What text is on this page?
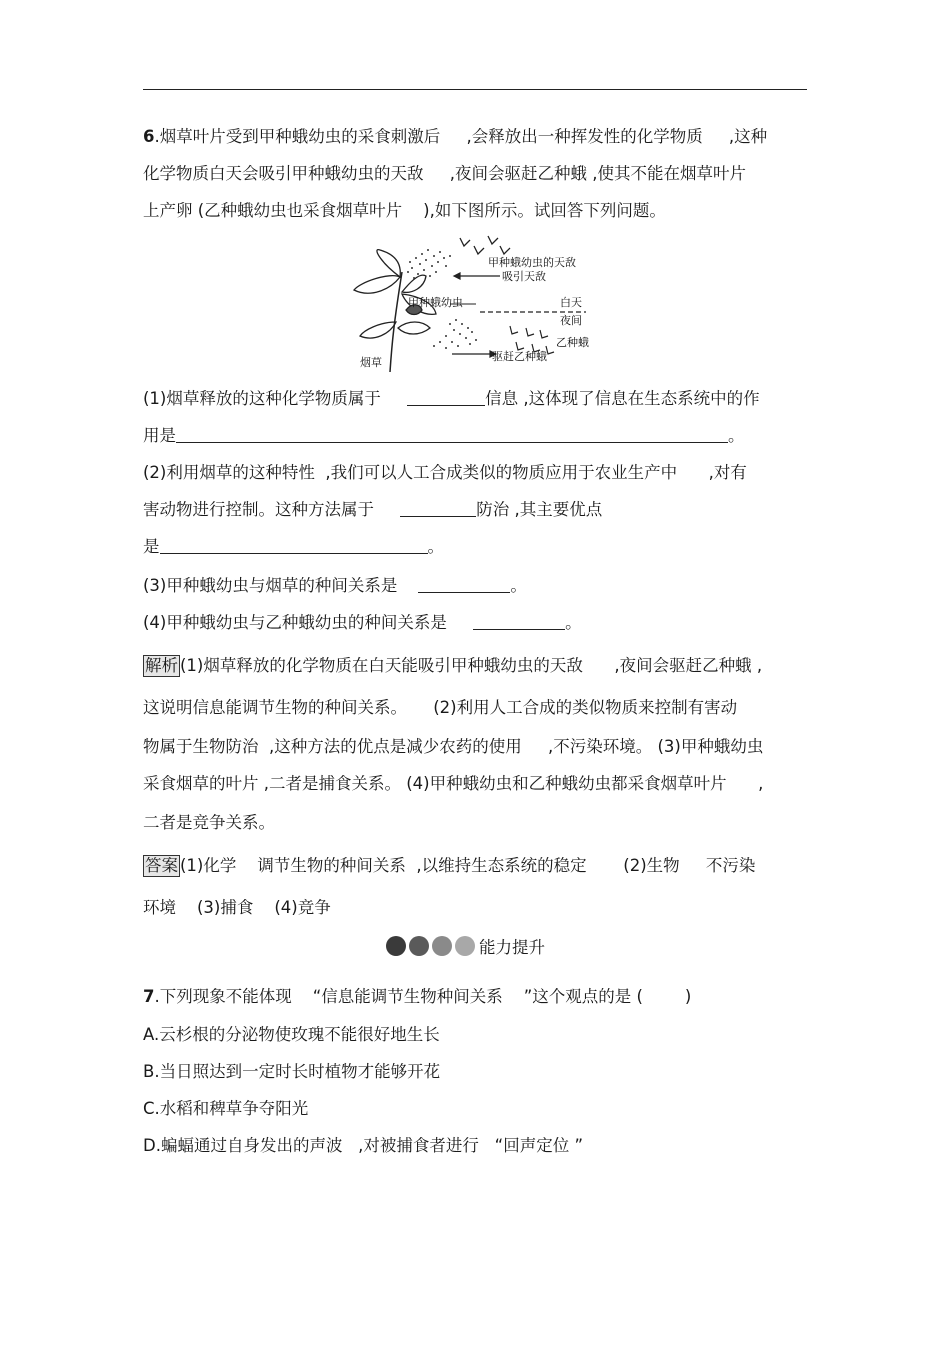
6.烟草叶片受到甲种蛾幼虫的采食刺激后     ,会释放出一种挥发性的化学物质     ,这种
化学物质白天会吸引甲种蛾幼虫的天敌     ,夜间会驱赶乙种蛾 ,使其不能在烟草叶片
上产卵 (乙种蛾幼虫也采食烟草叶片    ),如下图所示。试回答下列问题。
甲种蛾幼虫的天敌
吸引天敌
甲种蛾幼虫	白天
夜间
乙种蛾
驱赶乙种蛾
烟草
(1)烟草释放的这种化学物质属于	信息 ,这体现了信息在生态系统中的作
用是	。
(2)利用烟草的这种特性  ,我们可以人工合成类似的物质应用于农业生产中      ,对有
害动物进行控制。这种方法属于	防治 ,其主要优点
是	。
(3)甲种蛾幼虫与烟草的种间关系是	。
(4)甲种蛾幼虫与乙种蛾幼虫的种间关系是	。
解析 (1)烟草释放的化学物质在白天能吸引甲种蛾幼虫的天敌      ,夜间会驱赶乙种蛾 ,
这说明信息能调节生物的种间关系。     (2)利用人工合成的类似物质来控制有害动
物属于生物防治  ,这种方法的优点是减少农药的使用     ,不污染环境。 (3)甲种蛾幼虫
采食烟草的叶片 ,二者是捕食关系。 (4)甲种蛾幼虫和乙种蛾幼虫都采食烟草叶片      ,
二者是竞争关系。
答案 (1)化学    调节生物的种间关系  ,以维持生态系统的稳定       (2)生物     不污染
环境    (3)捕食    (4)竞争
能力提升
7.下列现象不能体现    “信息能调节生物种间关系    ”这个观点的是 (        )
A.云杉根的分泌物使玫瑰不能很好地生长
B.当日照达到一定时长时植物才能够开花
C.水稻和稗草争夺阳光
D.蝙蝠通过自身发出的声波   ,对被捕食者进行   “回声定位 ”
